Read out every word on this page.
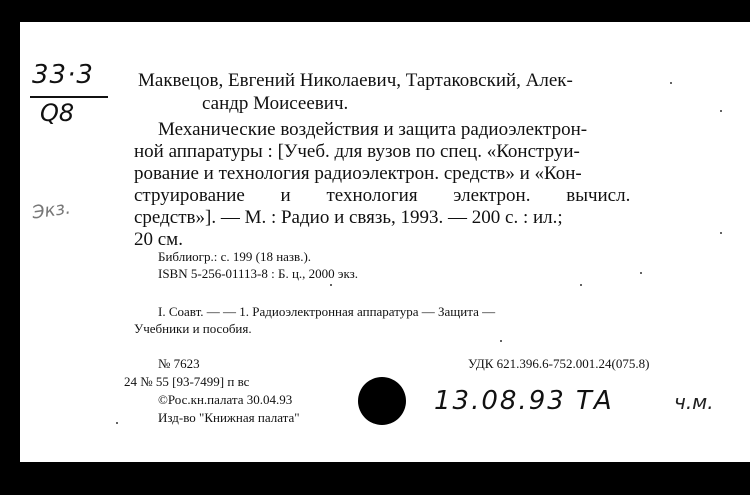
33·3
Q8
Экз.
Маквецов, Евгений Николаевич, Тартаковский, Алек-
сандр Моисеевич.
Механические воздействия и защита радиоэлектрон-
ной аппаратуры : [Учеб. для вузов по спец. «Конструи-
рование и технология радиоэлектрон. средств» и «Кон-
струирование и технология электрон. вычисл.
средств»]. — М. : Радио и связь, 1993. — 200 с. : ил.;
20 см.
Библиогр.: с. 199 (18 назв.).
ISBN 5-256-01113-8 : Б. ц., 2000 экз.
I. Соавт. — — 1. Радиоэлектронная аппаратура — Защита —
Учебники и пособия.
№ 7623	УДК 621.396.6-752.001.24(075.8)
24 № 55 [93-7499] п вс
©Рос.кн.палата 30.04.93
Изд-во "Книжная палата"
13.08.93 ТА	ч.м.
